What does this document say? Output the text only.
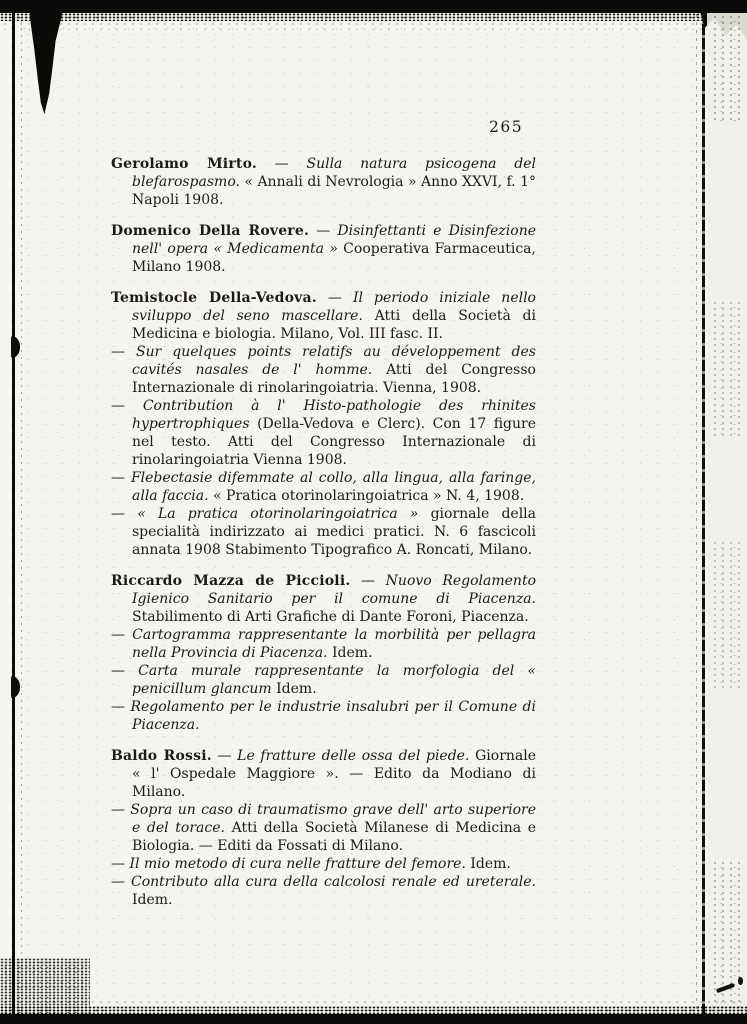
265

Gerolamo Mirto. — Sulla natura psicogena del blefarospasmo. « Annali di Nevrologia » Anno XXVI, f. 1° Napoli 1908.

Domenico Della Rovere. — Disinfettanti e Disinfezione nell' opera « Medicamenta » Cooperativa Farmaceutica, Milano 1908.

Temistocle Della-Vedova. — Il periodo iniziale nello sviluppo del seno mascellare. Atti della Società di Medicina e biologia. Milano, Vol. III fasc. II.

— Sur quelques points relatifs au développement des cavités nasales de l' homme. Atti del Congresso Internazionale di rinolaringoiatria. Vienna, 1908.

— Contribution à l' Histo-pathologie des rhinites hypertrophiques (Della-Vedova e Clerc). Con 17 figure nel testo. Atti del Congresso Internazionale di rinolaringoiatria Vienna 1908.

— Flebectasie difemmate al collo, alla lingua, alla faringe, alla faccia. « Pratica otorinolaringoiatrica » N. 4, 1908.

— « La pratica otorinolaringoiatrica » giornale della specialità indirizzato ai medici pratici. N. 6 fascicoli annata 1908 Stabimento Tipografico A. Roncati, Milano.

Riccardo Mazza de Piccioli. — Nuovo Regolamento Igienico Sanitario per il comune di Piacenza. Stabilimento di Arti Grafiche di Dante Foroni, Piacenza.

— Cartogramma rappresentante la morbilità per pellagra nella Provincia di Piacenza. Idem.

— Carta murale rappresentante la morfologia del « penicillum glancum Idem.

— Regolamento per le industrie insalubri per il Comune di Piacenza.

Baldo Rossi. — Le fratture delle ossa del piede. Giornale « l' Ospedale Maggiore ». — Edito da Modiano di Milano.

— Sopra un caso di traumatismo grave dell' arto superiore e del torace. Atti della Società Milanese di Medicina e Biologia. — Editi da Fossati di Milano.

— Il mio metodo di cura nelle fratture del femore. Idem.

— Contributo alla cura della calcolosi renale ed ureterale. Idem.
